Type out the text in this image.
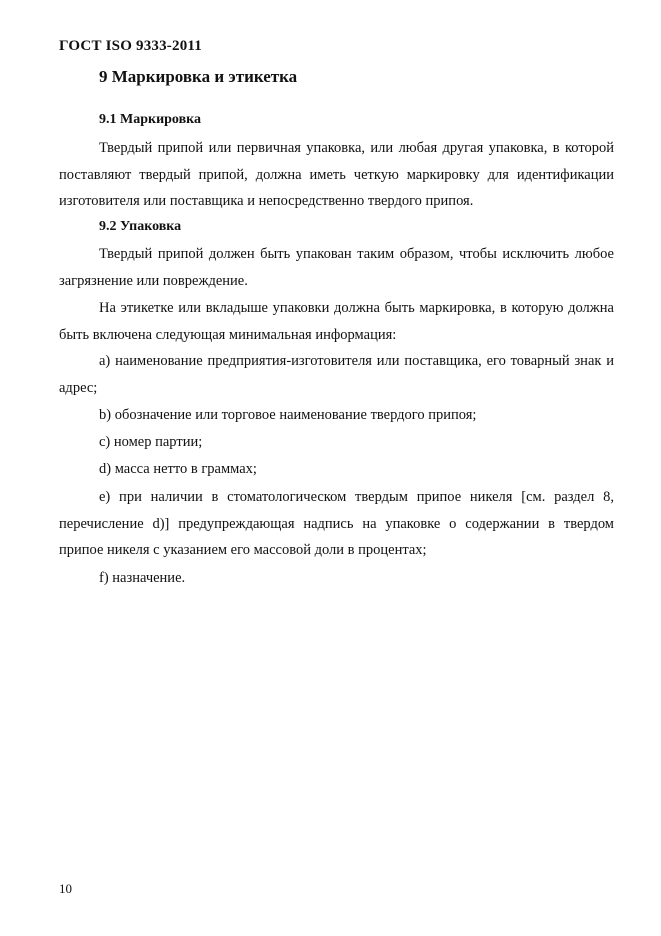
ГОСТ ISO 9333-2011
9 Маркировка и этикетка
9.1 Маркировка

Твердый припой или первичная упаковка, или любая другая упаковка, в которой поставляют твердый припой, должна иметь четкую маркировку для идентификации изготовителя или поставщика и непосредственно твердого припоя.

9.2 Упаковка

Твердый припой должен быть упакован таким образом, чтобы исключить любое загрязнение или повреждение.

На этикетке или вкладыше упаковки должна быть маркировка, в которую должна быть включена следующая минимальная информация:

a) наименование предприятия-изготовителя или поставщика, его товарный знак и адрес;

b) обозначение или торговое наименование твердого припоя;

c) номер партии;

d) масса нетто в граммах;

e) при наличии в стоматологическом твердым припое никеля [см. раздел 8, перечисление d)] предупреждающая надпись на упаковке о содержании в твердом припое никеля с указанием его массовой доли в процентах;

f) назначение.

10
